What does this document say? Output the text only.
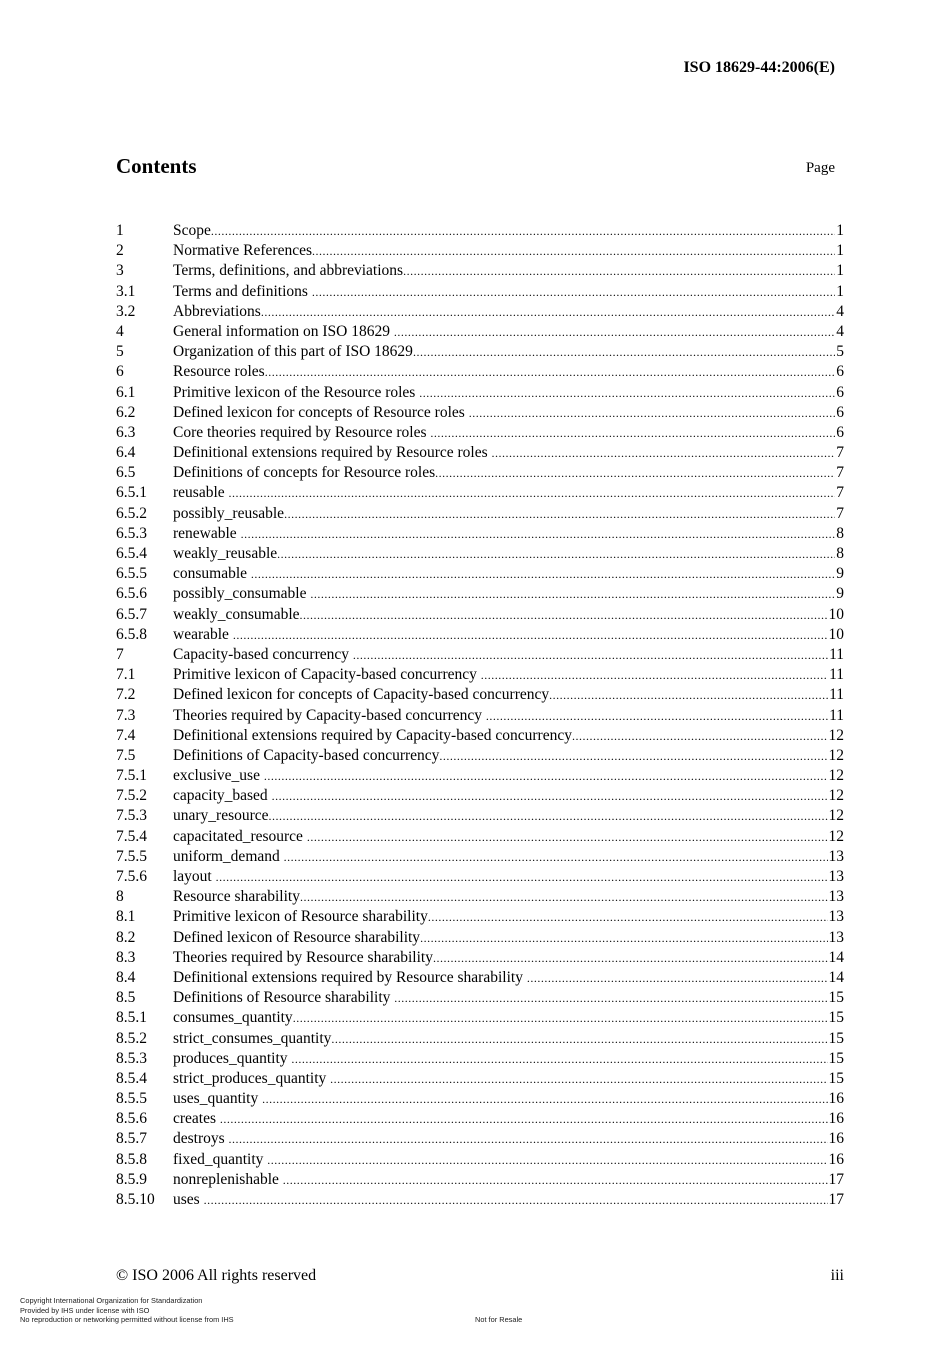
ISO 18629-44:2006(E)
Contents	Page
1	Scope .....	1
2	Normative References .....	1
3	Terms, definitions, and abbreviations .....	1
3.1	Terms and definitions .....	1
3.2	Abbreviations .....	4
4	General information on ISO 18629 .....	4
5	Organization of this part of ISO 18629 .....	5
6	Resource roles .....	6
6.1	Primitive lexicon of the Resource roles .....	6
6.2	Defined lexicon for concepts of Resource roles .....	6
6.3	Core theories required by Resource roles .....	6
6.4	Definitional extensions required by Resource roles .....	7
6.5	Definitions of concepts for Resource roles .....	7
6.5.1	reusable .....	7
6.5.2	possibly_reusable .....	7
6.5.3	renewable .....	8
6.5.4	weakly_reusable .....	8
6.5.5	consumable .....	9
6.5.6	possibly_consumable .....	9
6.5.7	weakly_consumable .....	10
6.5.8	wearable .....	10
7	Capacity-based concurrency .....	11
7.1	Primitive lexicon of Capacity-based concurrency .....	11
7.2	Defined lexicon for concepts of Capacity-based concurrency .....	11
7.3	Theories required by Capacity-based concurrency .....	11
7.4	Definitional extensions required by Capacity-based concurrency .....	12
7.5	Definitions of Capacity-based concurrency .....	12
7.5.1	exclusive_use .....	12
7.5.2	capacity_based .....	12
7.5.3	unary_resource .....	12
7.5.4	capacitated_resource .....	12
7.5.5	uniform_demand .....	13
7.5.6	layout .....	13
8	Resource sharability .....	13
8.1	Primitive lexicon of Resource sharability .....	13
8.2	Defined lexicon of Resource sharability .....	13
8.3	Theories required by Resource sharability .....	14
8.4	Definitional extensions required by Resource sharability .....	14
8.5	Definitions of Resource sharability .....	15
8.5.1	consumes_quantity .....	15
8.5.2	strict_consumes_quantity .....	15
8.5.3	produces_quantity .....	15
8.5.4	strict_produces_quantity .....	15
8.5.5	uses_quantity .....	16
8.5.6	creates .....	16
8.5.7	destroys .....	16
8.5.8	fixed_quantity .....	16
8.5.9	nonreplenishable .....	17
8.5.10	uses .....	17
© ISO 2006 All rights reserved	iii
Copyright International Organization for Standardization
Provided by IHS under license with ISO
No reproduction or networking permitted without license from IHS	Not for Resale
